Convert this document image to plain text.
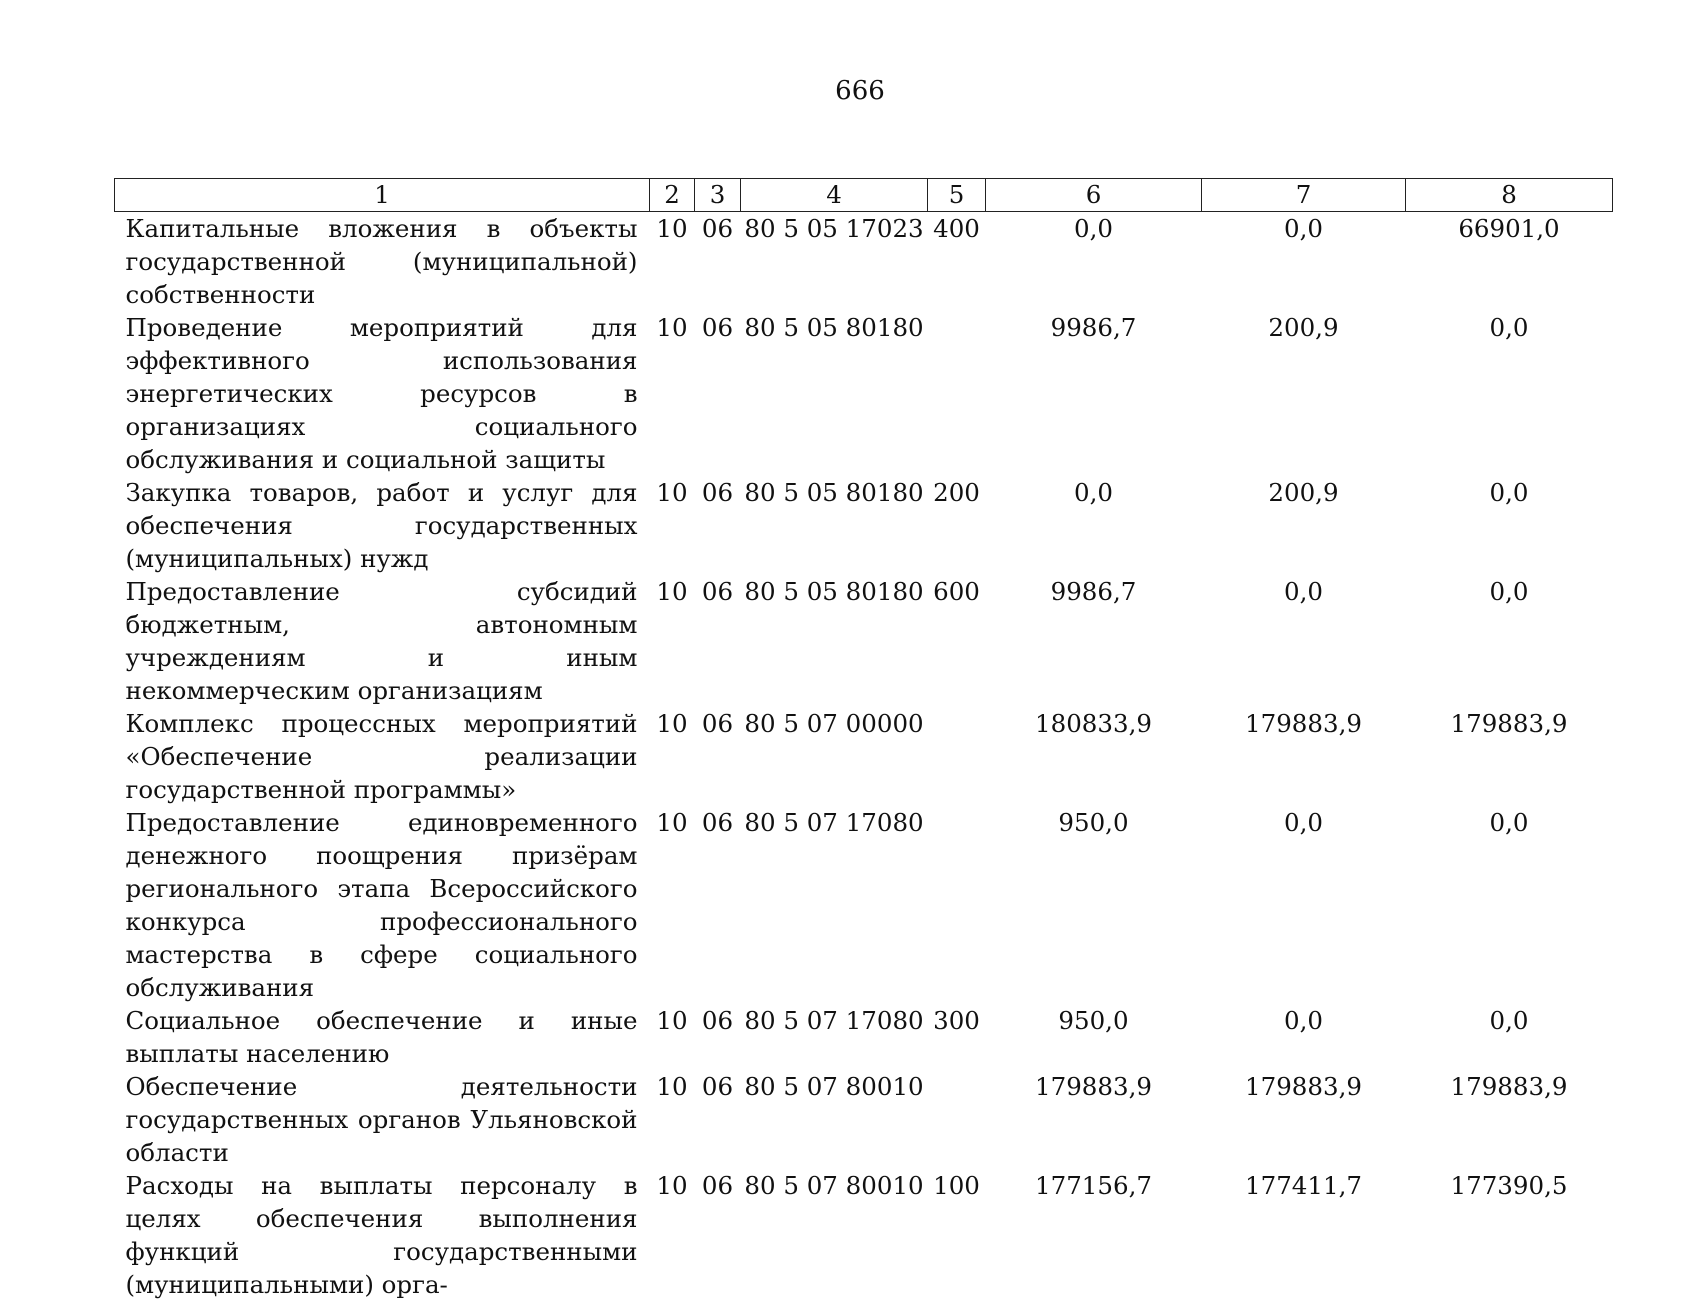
666
1	2	3	4	5	6	7	8
Капитальные вложения в объекты государственной (муниципальной) собственности	10	06	80 5 05 17023	400	0,0	0,0	66901,0
Проведение мероприятий для эффективного использования энергетических ресурсов в организациях социального обслуживания и социальной защиты	10	06	80 5 05 80180		9986,7	200,9	0,0
Закупка товаров, работ и услуг для обеспечения государственных (муниципальных) нужд	10	06	80 5 05 80180	200	0,0	200,9	0,0
Предоставление субсидий бюджетным, автономным учреждениям и иным некоммерческим организациям	10	06	80 5 05 80180	600	9986,7	0,0	0,0
Комплекс процессных мероприятий «Обеспечение реализации государственной программы»	10	06	80 5 07 00000		180833,9	179883,9	179883,9
Предоставление единовременного денежного поощрения призёрам регионального этапа Всероссийского конкурса профессионального мастерства в сфере социального обслуживания	10	06	80 5 07 17080		950,0	0,0	0,0
Социальное обеспечение и иные выплаты населению	10	06	80 5 07 17080	300	950,0	0,0	0,0
Обеспечение деятельности государственных органов Ульяновской области	10	06	80 5 07 80010		179883,9	179883,9	179883,9
Расходы на выплаты персоналу в целях обеспечения выполнения функций государственными (муниципальными) орга-	10	06	80 5 07 80010	100	177156,7	177411,7	177390,5
